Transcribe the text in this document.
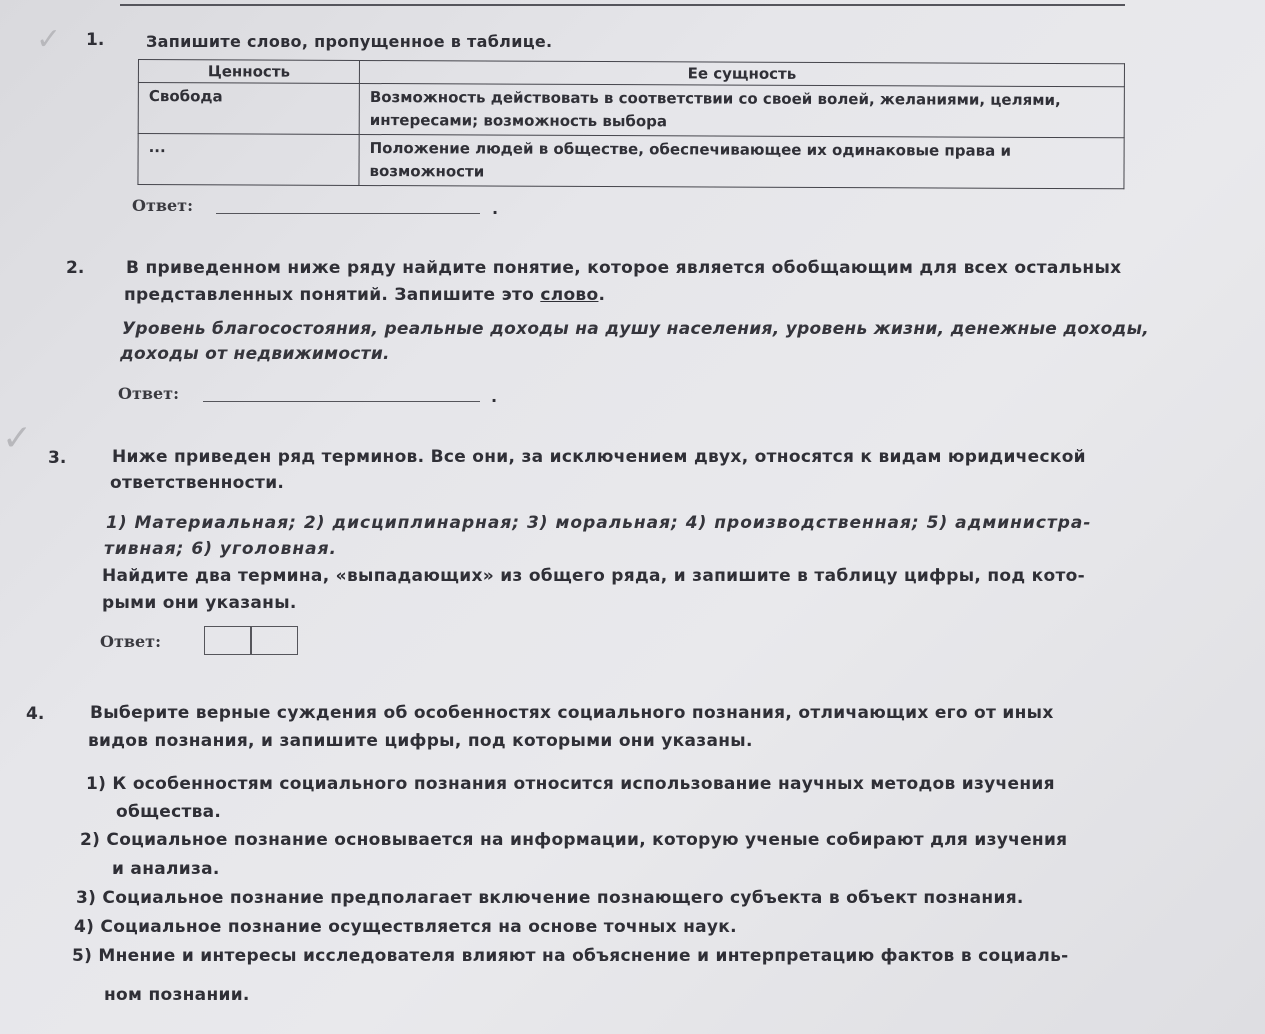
✓ 1.	Запишите слово, пропущенное в таблице.
Ценность	Ее сущность
Свобода	Возможность действовать в соответствии со своей волей, желаниями, целями, интересами; возможность выбора
...	Положение людей в обществе, обеспечивающее их одинаковые права и возможности
Ответ:	.
2. В приведенном ниже ряду найдите понятие, которое является обобщающим для всех остальных
представленных понятий. Запишите это слово.
Уровень благосостояния, реальные доходы на душу населения, уровень жизни, денежные доходы,
доходы от недвижимости.
Ответ:	.
✓ 3.	Ниже приведен ряд терминов. Все они, за исключением двух, относятся к видам юридической
ответственности.
1) Материальная; 2) дисциплинарная; 3) моральная; 4) производственная; 5) администра-
тивная; 6) уголовная.
Найдите два термина, «выпадающих» из общего ряда, и запишите в таблицу цифры, под кото-
рыми они указаны.
Ответ:
4.	Выберите верные суждения об особенностях социального познания, отличающих его от иных
видов познания, и запишите цифры, под которыми они указаны.
1) К особенностям социального познания относится использование научных методов изучения
общества.
2) Социальное познание основывается на информации, которую ученые собирают для изучения
и анализа.
3) Социальное познание предполагает включение познающего субъекта в объект познания.
4) Социальное познание осуществляется на основе точных наук.
5) Мнение и интересы исследователя влияют на объяснение и интерпретацию фактов в социаль-
ном познании.
